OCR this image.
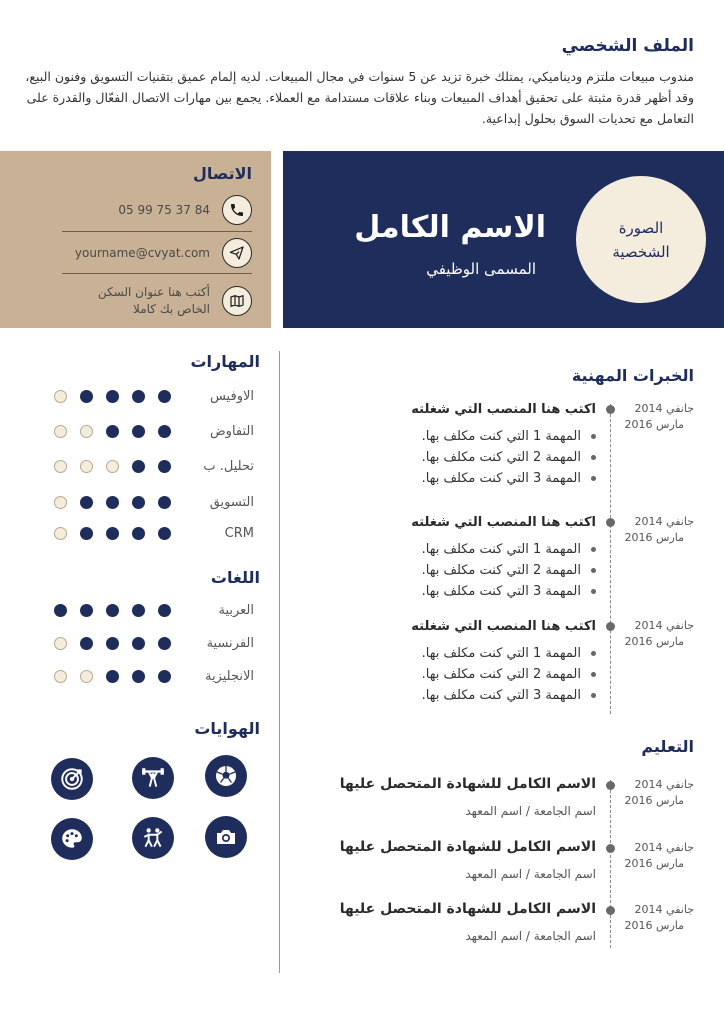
الملف الشخصي
مندوب مبيعات ملتزم وديناميكي، يمتلك خبرة تزيد عن 5 سنوات في مجال المبيعات. لديه إلمام عميق بتقنيات التسويق وفنون البيع، وقد أظهر قدرة مثبتة على تحقيق أهداف المبيعات وبناء علاقات مستدامة مع العملاء. يجمع بين مهارات الاتصال الفعّال والقدرة على التعامل مع تحديات السوق بحلول إبداعية.
الصورة
الشخصية
الاسم الكامل
المسمى الوظيفي
الاتصال
05 99 75 37 84
yourname@cvyat.com
أكتب هنا عنوان السكن الخاص بك كاملا
المهارات
الاوفيس
التفاوض
تحليل. ب
التسويق
CRM
اللغات
العربية
الفرنسية
الانجليزية
الهوايات
الخبرات المهنية
جانفي 2014
مارس 2016
اكتب هنا المنصب التي شغلته
المهمة 1 التي كنت مكلف بها.
المهمة 2 التي كنت مكلف بها.
المهمة 3 التي كنت مكلف بها.
جانفي 2014
مارس 2016
اكتب هنا المنصب التي شغلته
المهمة 1 التي كنت مكلف بها.
المهمة 2 التي كنت مكلف بها.
المهمة 3 التي كنت مكلف بها.
جانفي 2014
مارس 2016
اكتب هنا المنصب التي شغلته
المهمة 1 التي كنت مكلف بها.
المهمة 2 التي كنت مكلف بها.
المهمة 3 التي كنت مكلف بها.
التعليم
جانفي 2014
مارس 2016
الاسم الكامل للشهادة المتحصل عليها
اسم الجامعة / اسم المعهد
جانفي 2014
مارس 2016
الاسم الكامل للشهادة المتحصل عليها
اسم الجامعة / اسم المعهد
جانفي 2014
مارس 2016
الاسم الكامل للشهادة المتحصل عليها
اسم الجامعة / اسم المعهد
